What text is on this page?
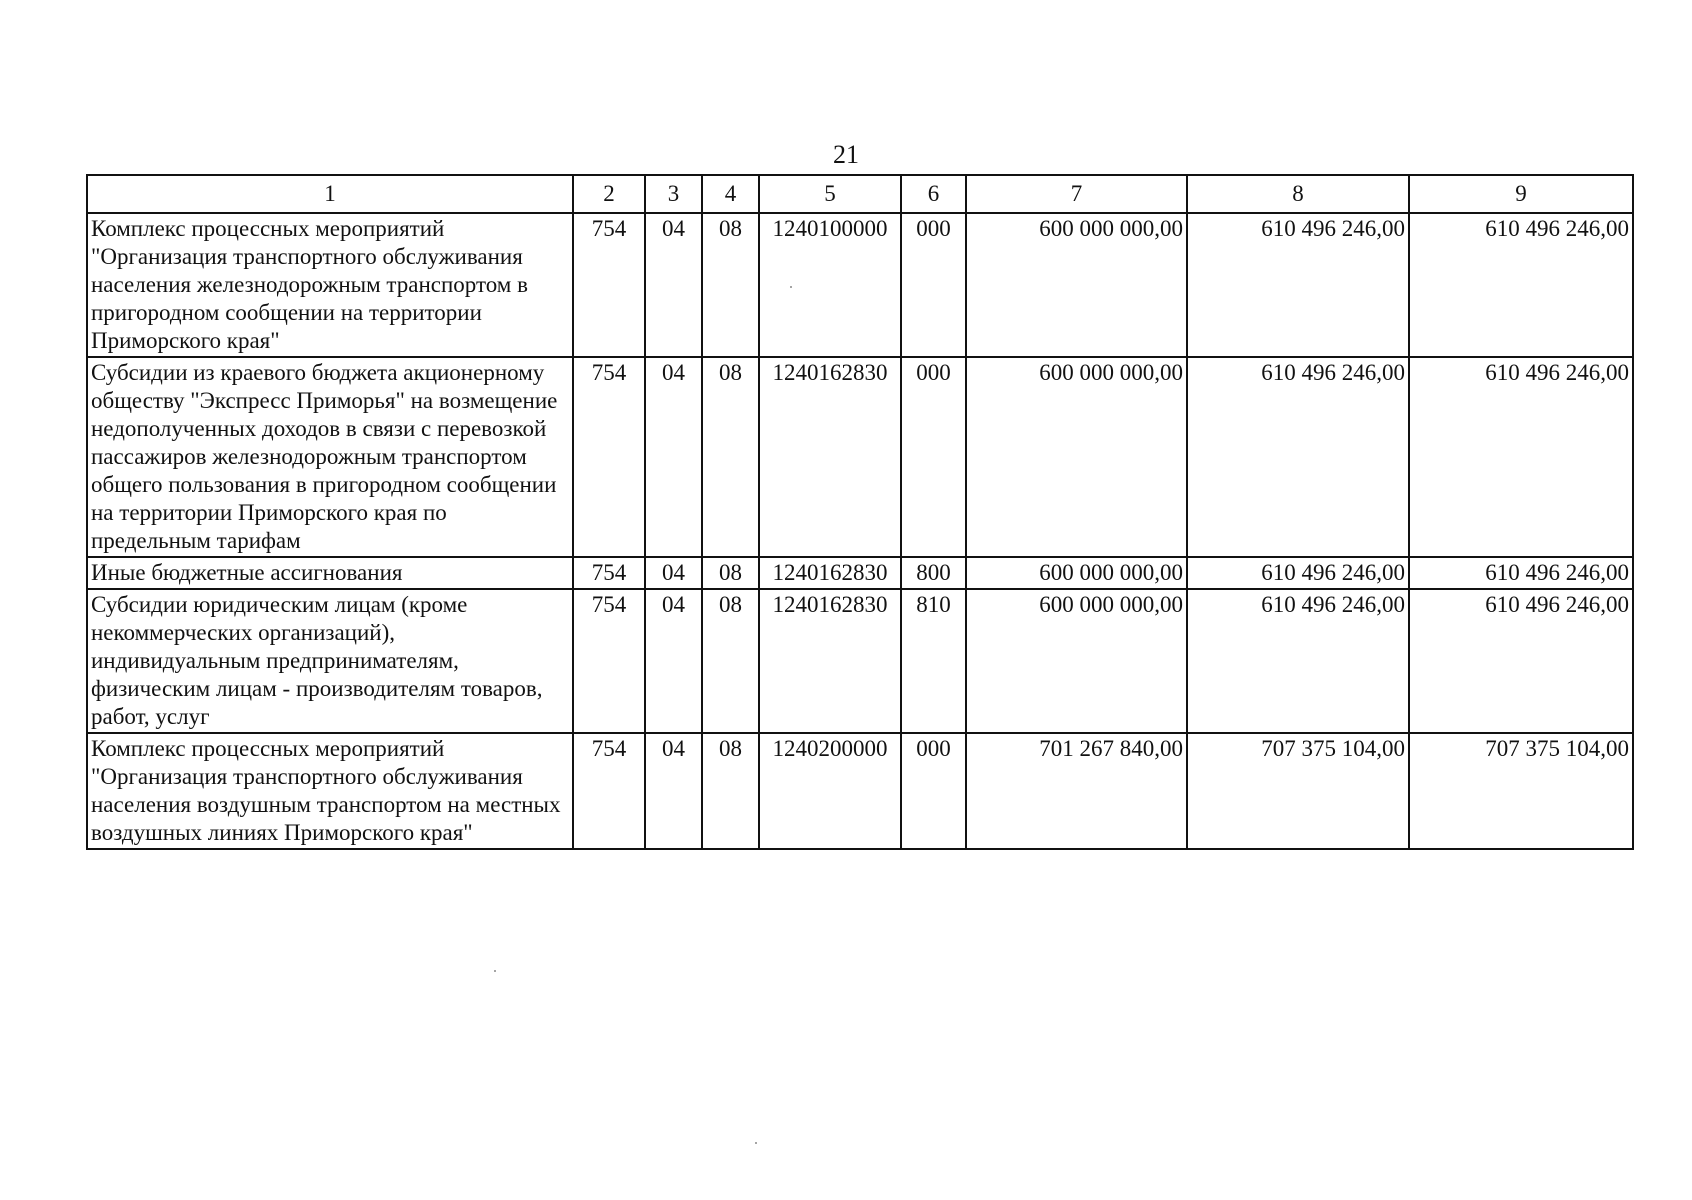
21
1	2	3	4	5	6	7	8	9
Комплекс процессных мероприятий "Организация транспортного обслуживания населения железнодорожным транспортом в пригородном сообщении на территории Приморского края"	754	04	08	1240100000	000	600 000 000,00	610 496 246,00	610 496 246,00
Субсидии из краевого бюджета акционерному обществу "Экспресс Приморья" на возмещение недополученных доходов в связи с перевозкой пассажиров железнодорожным транспортом общего пользования в пригородном сообщении на территории Приморского края по предельным тарифам	754	04	08	1240162830	000	600 000 000,00	610 496 246,00	610 496 246,00
Иные бюджетные ассигнования	754	04	08	1240162830	800	600 000 000,00	610 496 246,00	610 496 246,00
Субсидии юридическим лицам (кроме некоммерческих организаций), индивидуальным предпринимателям, физическим лицам - производителям товаров, работ, услуг	754	04	08	1240162830	810	600 000 000,00	610 496 246,00	610 496 246,00
Комплекс процессных мероприятий "Организация транспортного обслуживания населения воздушным транспортом на местных воздушных линиях Приморского края"	754	04	08	1240200000	000	701 267 840,00	707 375 104,00	707 375 104,00
